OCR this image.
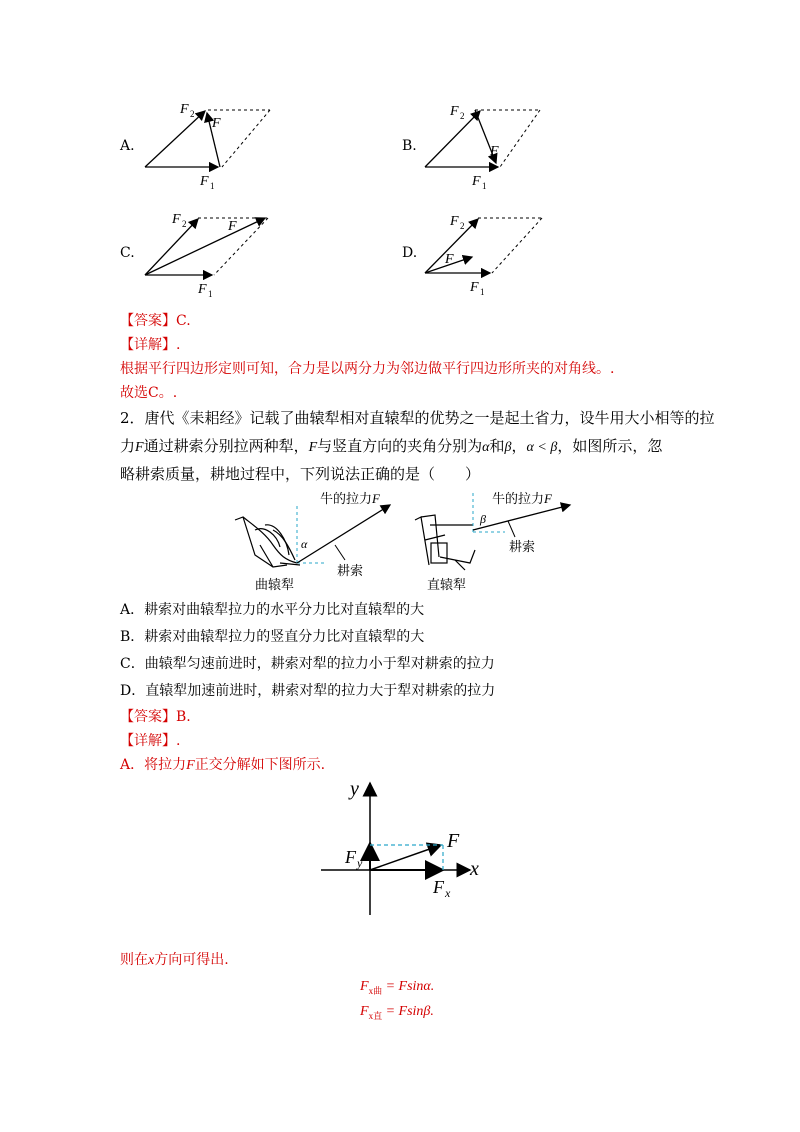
A.
F 2
F
F 1
B.
F 2
F
F 1
C.
F 2	F
F 1
D.
F 2
F
F 1
【答案】C.
【详解】.
根据平行四边形定则可知，合力是以两分力为邻边做平行四边形所夹的对角线。.
故选C。.
2．唐代《耒耜经》记载了曲辕犁相对直辕犁的优势之一是起土省力，设牛用大小相等的拉
力F通过耕索分别拉两种犁，F与竖直方向的夹角分别为α和β，α < β，如图所示，忽
略耕索质量，耕地过程中，下列说法正确的是（　　）
α
牛的拉力 F
耕索
曲辕犁
β
牛的拉力 F
耕索
直辕犁
A．耕索对曲辕犁拉力的水平分力比对直辕犁的大
B．耕索对曲辕犁拉力的竖直分力比对直辕犁的大
C．曲辕犁匀速前进时，耕索对犁的拉力小于犁对耕索的拉力
D．直辕犁加速前进时，耕索对犁的拉力大于犁对耕索的拉力
【答案】B.
【详解】.
A．将拉力F正交分解如下图所示.
y
x
F
F y
F x
则在x方向可得出.
$F_{x曲} = Fsin\alpha$.
$F_{x直} = Fsin\beta$.
